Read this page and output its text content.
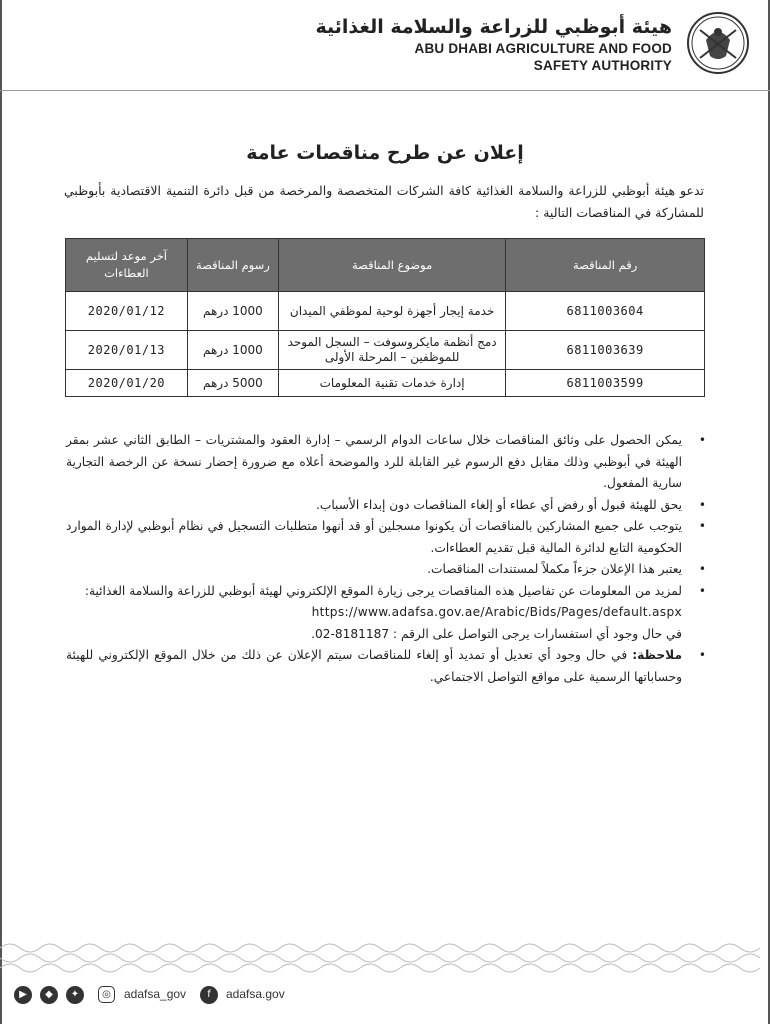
هيئة أبوظبي للزراعة والسلامة الغذائية
ABU DHABI AGRICULTURE AND FOOD
SAFETY AUTHORITY
إعلان عن طرح مناقصات عامة
تدعو هيئة أبوظبي للزراعة والسلامة الغذائية كافة الشركات المتخصصة والمرخصة من قبل دائرة التنمية الاقتصادية بأبوظبي للمشاركة في المناقصات التالية :
رقم المناقصة	موضوع المناقصة	رسوم المناقصة	آخر موعد لتسليم العطاءات
6811003604	خدمة إيجار أجهزة لوحية لموظفي الميدان	1000 درهم	2020/01/12
6811003639	دمج أنظمة مايكروسوفت – السجل الموحد للموظفين – المرحلة الأولى	1000 درهم	2020/01/13
6811003599	إدارة خدمات تقنية المعلومات	5000 درهم	2020/01/20
•
يمكن الحصول على وثائق المناقصات خلال ساعات الدوام الرسمي – إدارة العقود والمشتريات – الطابق الثاني عشر بمقر الهيئة في أبوظبي وذلك مقابل دفع الرسوم غير القابلة للرد والموضحة أعلاه مع ضرورة إحضار نسخة عن الرخصة التجارية سارية المفعول.
•
يحق للهيئة قبول أو رفض أي عطاء أو إلغاء المناقصات دون إبداء الأسباب.
•
يتوجب على جميع المشاركين بالمناقصات أن يكونوا مسجلين أو قد أنهوا متطلبات التسجيل في نظام أبوظبي لإدارة الموارد الحكومية التابع لدائرة المالية قبل تقديم العطاءات.
•
يعتبر هذا الإعلان جزءاً مكملاً لمستندات المناقصات.
•
لمزيد من المعلومات عن تفاصيل هذه المناقصات يرجى زيارة الموقع الإلكتروني لهيئة أبوظبي للزراعة والسلامة الغذائية:
https://www.adafsa.gov.ae/Arabic/Bids/Pages/default.aspx
في حال وجود أي استفسارات يرجى التواصل على الرقم : 8181187-02.
•
ملاحظة: في حال وجود أي تعديل أو تمديد أو إلغاء للمناقصات سيتم الإعلان عن ذلك من خلال الموقع الإلكتروني للهيئة وحساباتها الرسمية على مواقع التواصل الاجتماعي.
▶	◆	✦	◎	adafsa_gov	f	adafsa.gov
